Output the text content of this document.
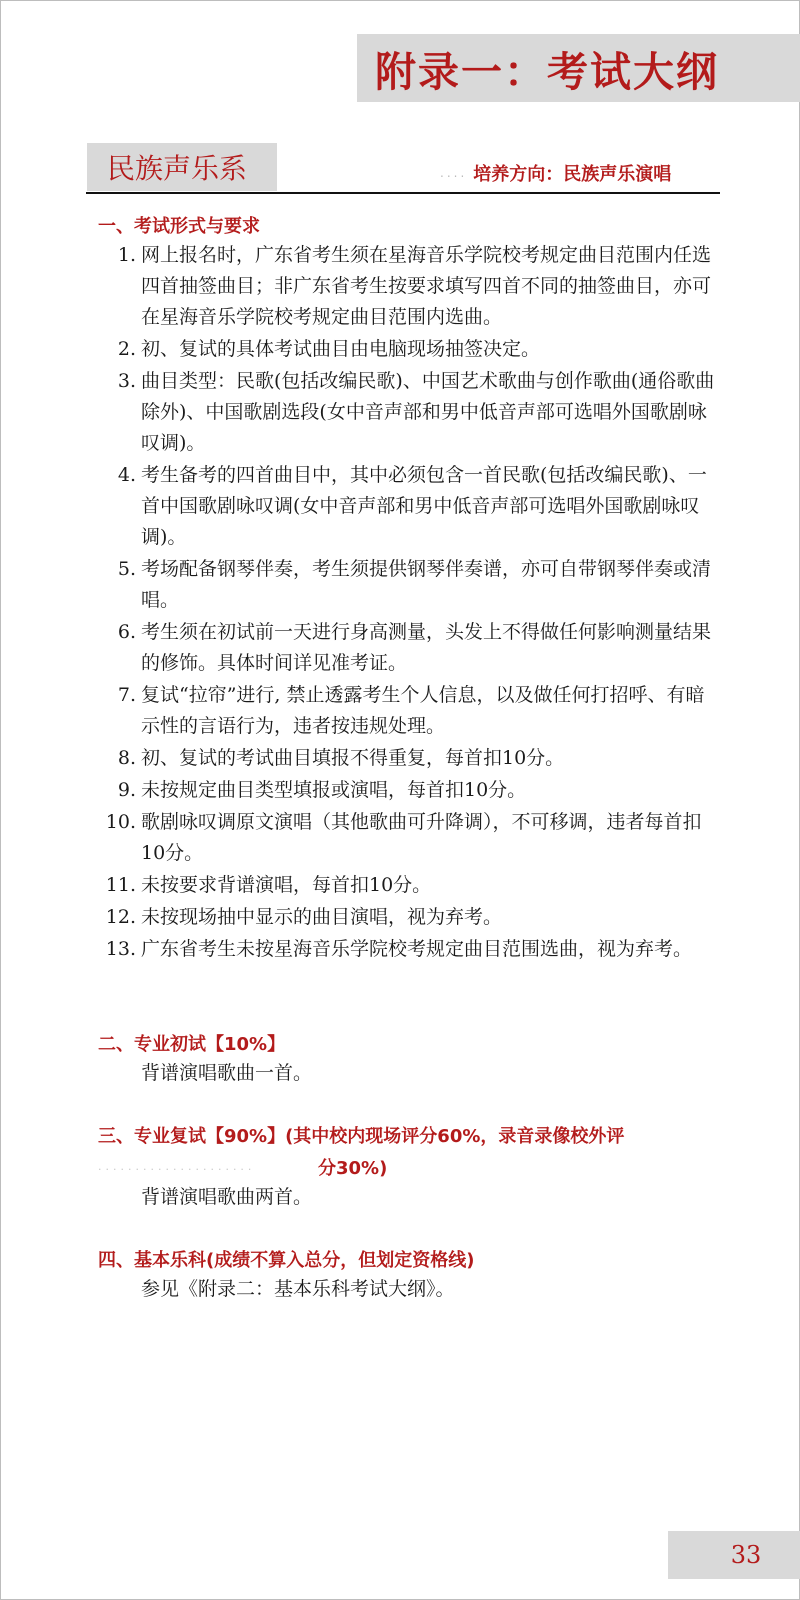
附录一：考试大纲
民族声乐系	.... 培养方向：民族声乐演唱
一、考试形式与要求
1. 网上报名时，广东省考生须在星海音乐学院校考规定曲目范围内任选四首抽签曲目；非广东省考生按要求填写四首不同的抽签曲目，亦可在星海音乐学院校考规定曲目范围内选曲。
2. 初、复试的具体考试曲目由电脑现场抽签决定。
3. 曲目类型：民歌(包括改编民歌)、中国艺术歌曲与创作歌曲(通俗歌曲除外)、中国歌剧选段(女中音声部和男中低音声部可选唱外国歌剧咏叹调)。
4. 考生备考的四首曲目中，其中必须包含一首民歌(包括改编民歌)、一首中国歌剧咏叹调(女中音声部和男中低音声部可选唱外国歌剧咏叹调)。
5. 考场配备钢琴伴奏，考生须提供钢琴伴奏谱，亦可自带钢琴伴奏或清唱。
6. 考生须在初试前一天进行身高测量，头发上不得做任何影响测量结果的修饰。具体时间详见准考证。
7. 复试“拉帘”进行, 禁止透露考生个人信息，以及做任何打招呼、有暗示性的言语行为，违者按违规处理。
8. 初、复试的考试曲目填报不得重复，每首扣10分。
9. 未按规定曲目类型填报或演唱，每首扣10分。
10. 歌剧咏叹调原文演唱（其他歌曲可升降调），不可移调，违者每首扣10分。
11. 未按要求背谱演唱，每首扣10分。
12. 未按现场抽中显示的曲目演唱，视为弃考。
13. 广东省考生未按星海音乐学院校考规定曲目范围选曲，视为弃考。
二、专业初试【10%】
背谱演唱歌曲一首。
三、专业复试【90%】(其中校内现场评分60%，录音录像校外评
.....................	分30%)
背谱演唱歌曲两首。
四、基本乐科(成绩不算入总分，但划定资格线)
参见《附录二：基本乐科考试大纲》。
33
